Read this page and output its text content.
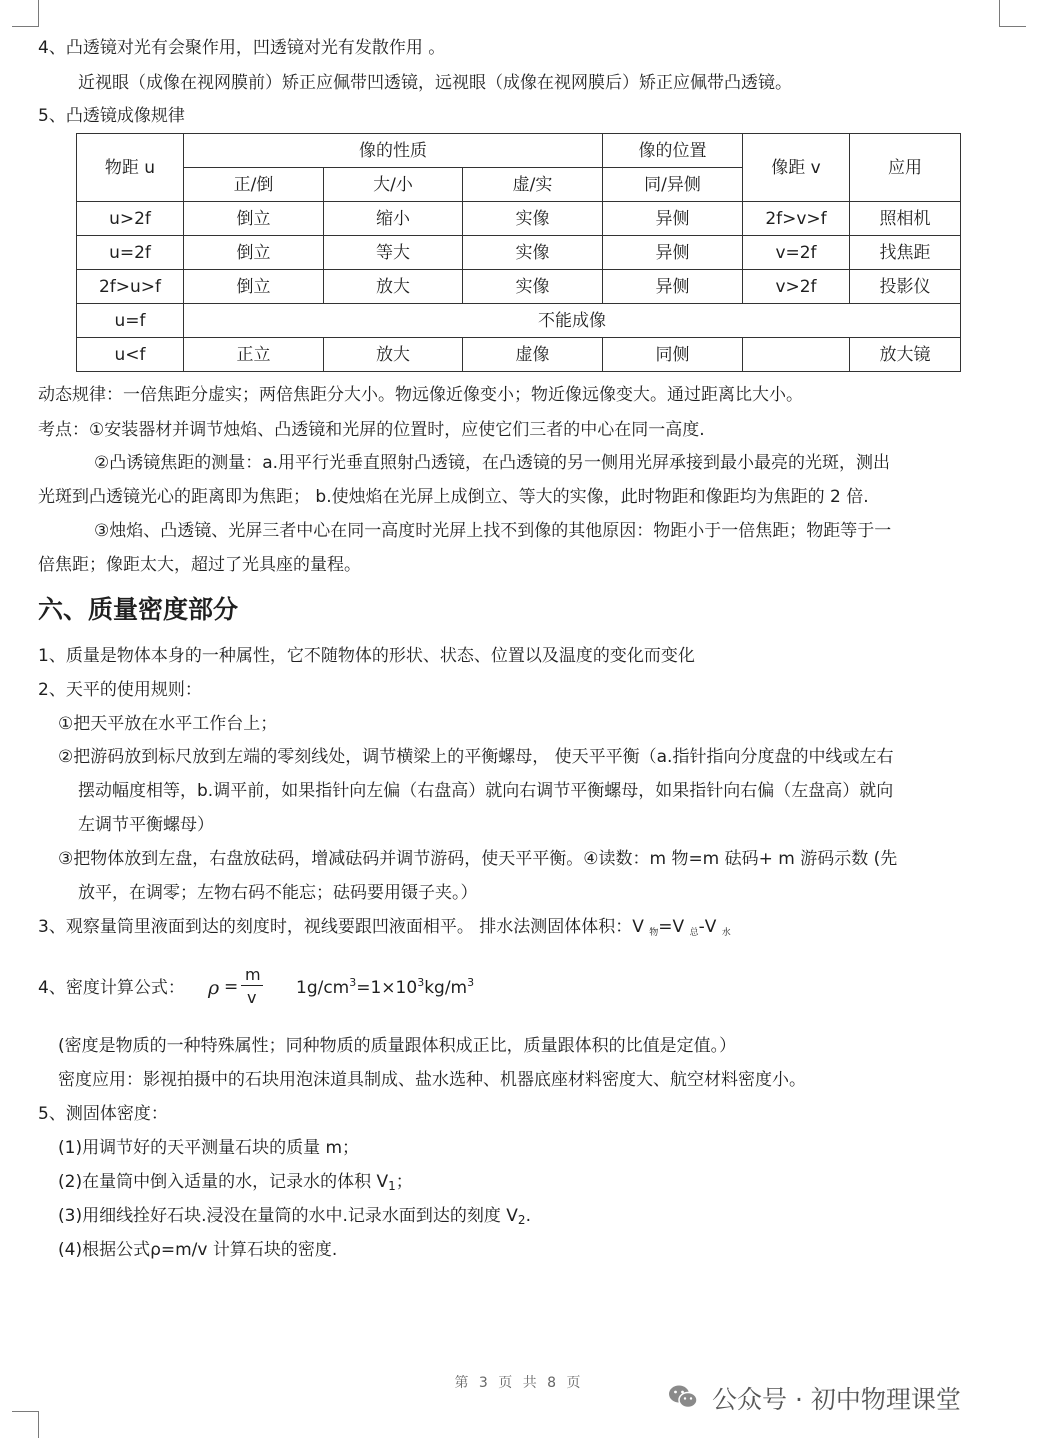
4、凸透镜对光有会聚作用，凹透镜对光有发散作用 。
近视眼（成像在视网膜前）矫正应佩带凹透镜，远视眼（成像在视网膜后）矫正应佩带凸透镜。
5、凸透镜成像规律
物距 u	像的性质			像的位置	像距 v	应用
	正/倒	大/小	虚/实	同/异侧		
u>2f	倒立	缩小	实像	异侧	2f>v>f	照相机
u=2f	倒立	等大	实像	异侧	v=2f	找焦距
2f>u>f	倒立	放大	实像	异侧	v>2f	投影仪
u=f	不能成像					
u<f	正立	放大	虚像	同侧		放大镜
动态规律：一倍焦距分虚实；两倍焦距分大小。物远像近像变小；物近像远像变大。通过距离比大小。
考点：①安装器材并调节烛焰、凸透镜和光屏的位置时，应使它们三者的中心在同一高度.
②凸诱镜焦距的测量：a.用平行光垂直照射凸透镜，在凸透镜的另一侧用光屏承接到最小最亮的光斑，测出
光斑到凸透镜光心的距离即为焦距； b.使烛焰在光屏上成倒立、等大的实像，此时物距和像距均为焦距的 2 倍.
③烛焰、凸透镜、光屏三者中心在同一高度时光屏上找不到像的其他原因：物距小于一倍焦距；物距等于一
倍焦距；像距太大，超过了光具座的量程。
六、质量密度部分
1、质量是物体本身的一种属性，它不随物体的形状、状态、位置以及温度的变化而变化
2、天平的使用规则：
①把天平放在水平工作台上；
②把游码放到标尺放到左端的零刻线处，调节横梁上的平衡螺母， 使天平平衡（a.指针指向分度盘的中线或左右
摆动幅度相等，b.调平前，如果指针向左偏（右盘高）就向右调节平衡螺母，如果指针向右偏（左盘高）就向
左调节平衡螺母）
③把物体放到左盘，右盘放砝码，增减砝码并调节游码，使天平平衡。④读数：m 物=m 砝码+ m 游码示数 (先
放平，在调零；左物右码不能忘；砝码要用镊子夹。）
3、观察量筒里液面到达的刻度时，视线要跟凹液面相平。 排水法测固体体积：V $_物$=V $_总$-V $_水$
4、密度计算公式： ρ =
m
v $1g/cm^3=1\times 10^3kg/m^3$
(密度是物质的一种特殊属性；同种物质的质量跟体积成正比，质量跟体积的比值是定值。）
密度应用：影视拍摄中的石块用泡沫道具制成、盐水选种、机器底座材料密度大、航空材料密度小。
5、测固体密度：
(1)用调节好的天平测量石块的质量 m；
(2)在量筒中倒入适量的水，记录水的体积 $V_1$；
(3)用细线拴好石块.浸没在量筒的水中.记录水面到达的刻度 $V_2$.
(4)根据公式ρ=m/v 计算石块的密度.
第 3 页 共 8 页
公众号 · 初中物理课堂
